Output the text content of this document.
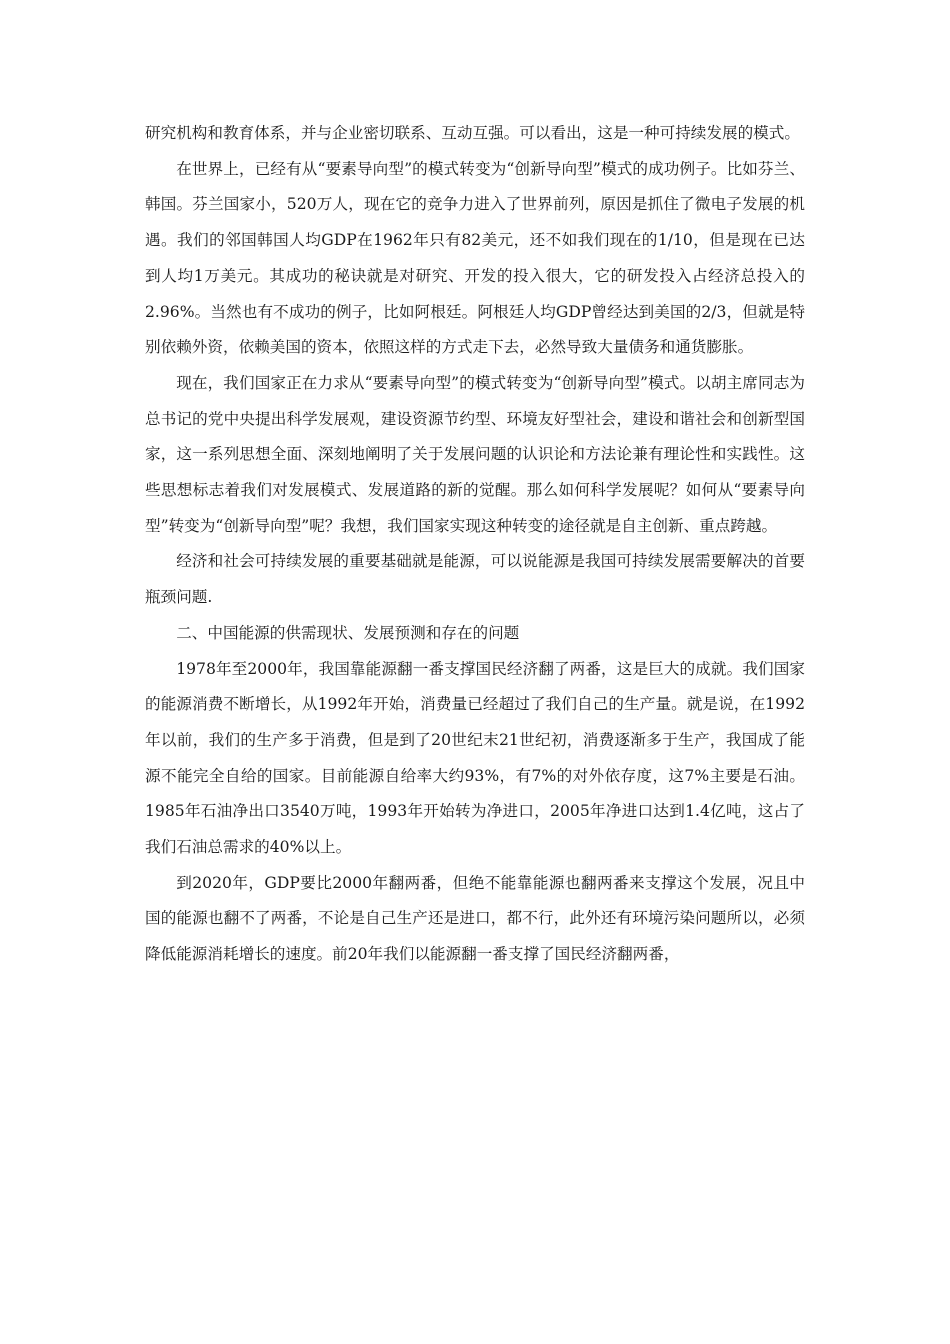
研究机构和教育体系，并与企业密切联系、互动互强。可以看出，这是一种可持续发展的模式。

在世界上，已经有从“要素导向型”的模式转变为“创新导向型”模式的成功例子。比如芬兰、韩国。芬兰国家小，520万人，现在它的竞争力进入了世界前列，原因是抓住了微电子发展的机遇。我们的邻国韩国人均GDP在1962年只有82美元，还不如我们现在的1/10，但是现在已达到人均1万美元。其成功的秘诀就是对研究、开发的投入很大，它的研发投入占经济总投入的2.96%。当然也有不成功的例子，比如阿根廷。阿根廷人均GDP曾经达到美国的2/3，但就是特别依赖外资，依赖美国的资本，依照这样的方式走下去，必然导致大量债务和通货膨胀。

现在，我们国家正在力求从“要素导向型”的模式转变为“创新导向型”模式。以胡主席同志为总书记的党中央提出科学发展观，建设资源节约型、环境友好型社会，建设和谐社会和创新型国家，这一系列思想全面、深刻地阐明了关于发展问题的认识论和方法论兼有理论性和实践性。这些思想标志着我们对发展模式、发展道路的新的觉醒。那么如何科学发展呢？如何从“要素导向型”转变为“创新导向型”呢？我想，我们国家实现这种转变的途径就是自主创新、重点跨越。

经济和社会可持续发展的重要基础就是能源，可以说能源是我国可持续发展需要解决的首要瓶颈问题.

二、中国能源的供需现状、发展预测和存在的问题

1978年至2000年，我国靠能源翻一番支撑国民经济翻了两番，这是巨大的成就。我们国家的能源消费不断增长，从1992年开始，消费量已经超过了我们自己的生产量。就是说，在1992年以前，我们的生产多于消费，但是到了20世纪末21世纪初，消费逐渐多于生产，我国成了能源不能完全自给的国家。目前能源自给率大约93%，有7%的对外依存度，这7%主要是石油。1985年石油净出口3540万吨，1993年开始转为净进口，2005年净进口达到1.4亿吨，这占了我们石油总需求的40%以上。

到2020年，GDP要比2000年翻两番，但绝不能靠能源也翻两番来支撑这个发展，况且中国的能源也翻不了两番，不论是自己生产还是进口，都不行，此外还有环境污染问题所以，必须降低能源消耗增长的速度。前20年我们以能源翻一番支撑了国民经济翻两番，
